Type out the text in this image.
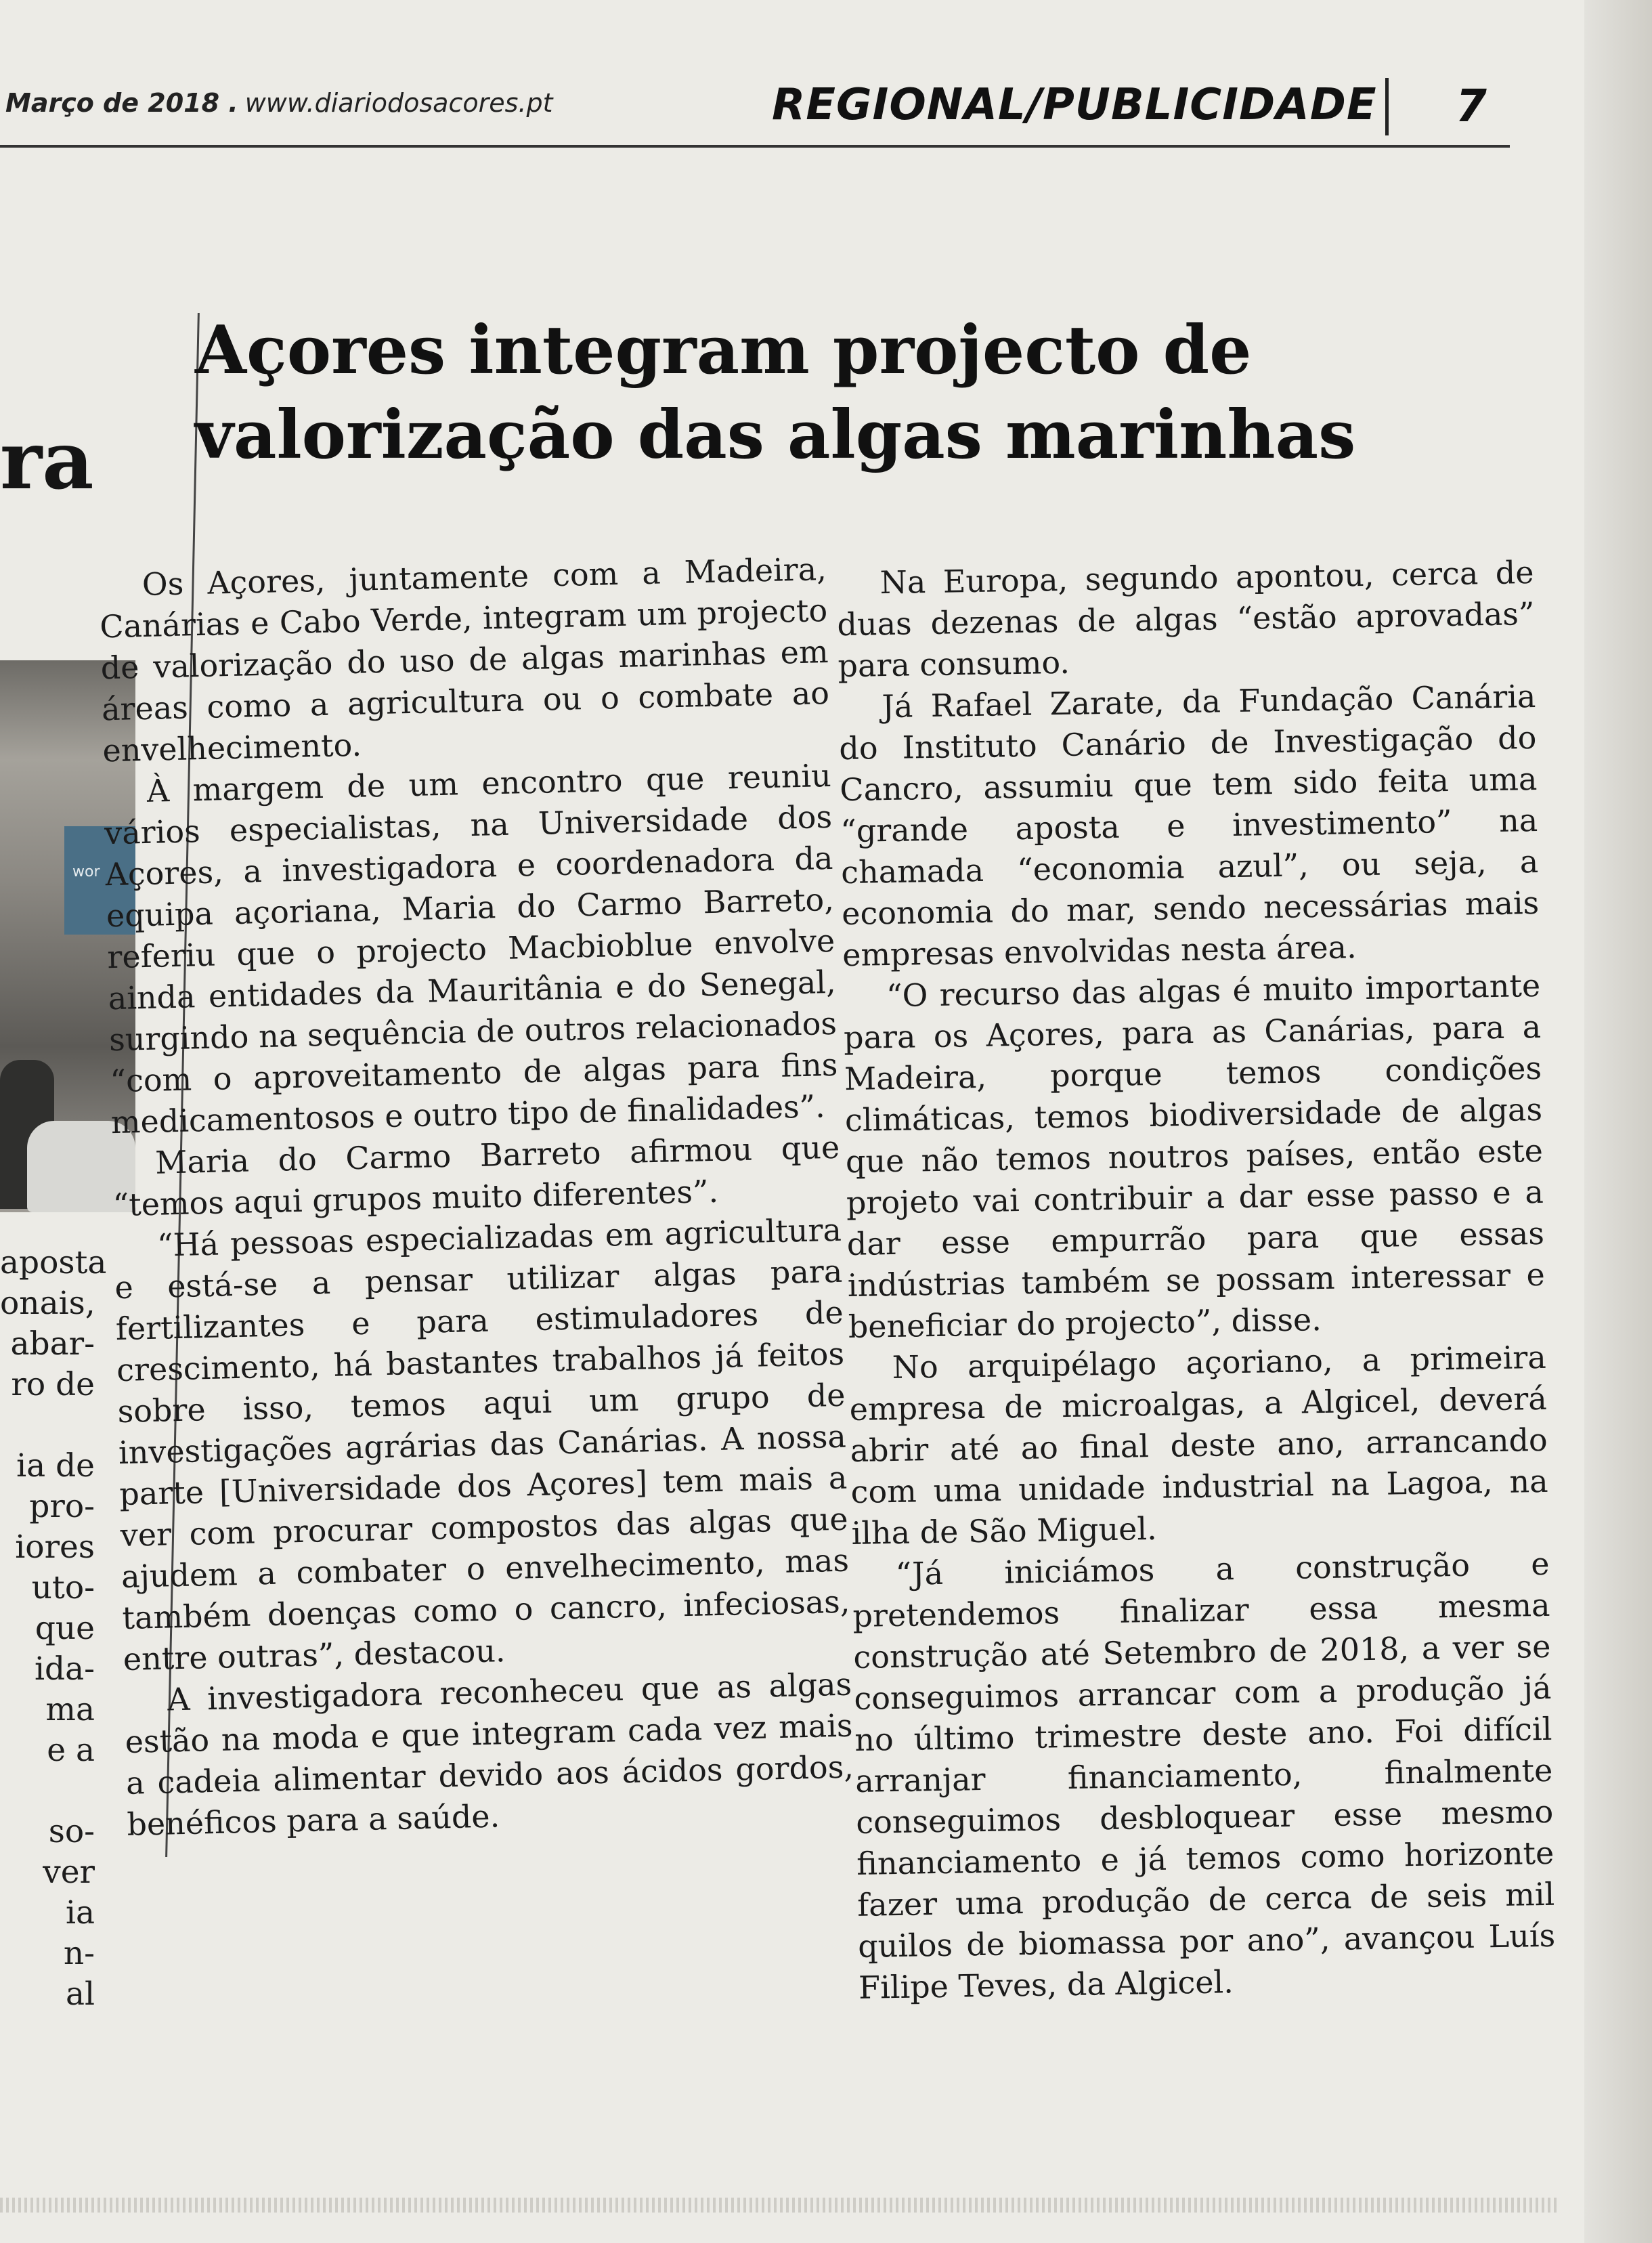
Março de 2018 . www.diariodosacores.pt	REGIONAL/PUBLICIDADE 7
ra
wor
aposta
onais,
abar-
ro de
ia de
pro-
iores
uto-
que
ida-
ma
e a
so-
ver
ia
n-
al
Açores integram projecto de
valorização das algas marinhas

Os Açores, juntamente com a Madeira, Canárias e Cabo Verde, integram um projecto de valorização do uso de algas marinhas em áreas como a agricultura ou o combate ao envelhecimento.

À margem de um encontro que reuniu vários especialistas, na Universidade dos Açores, a investigadora e coordenadora da equipa açoriana, Maria do Carmo Barreto, referiu que o projecto Macbioblue envolve ainda entidades da Mauritânia e do Senegal, surgindo na sequência de outros relacionados “com o aproveitamento de algas para fins medicamentosos e outro tipo de finalidades”.

Maria do Carmo Barreto afirmou que “temos aqui grupos muito diferentes”.

“Há pessoas especializadas em agricultura e está-se a pensar utilizar algas para fertilizantes e para estimuladores de crescimento, há bastantes trabalhos já feitos sobre isso, temos aqui um grupo de investigações agrárias das Canárias. A nossa parte [Universidade dos Açores] tem mais a ver com procurar compostos das algas que ajudem a combater o envelhecimento, mas também doenças como o cancro, infeciosas, entre outras”, destacou.

A investigadora reconheceu que as algas estão na moda e que integram cada vez mais a cadeia alimentar devido aos ácidos gordos, benéficos para a saúde.

Na Europa, segundo apontou, cerca de duas dezenas de algas “estão aprovadas” para consumo.

Já Rafael Zarate, da Fundação Canária do Instituto Canário de Investigação do Cancro, assumiu que tem sido feita uma “grande aposta e investimento” na chamada “economia azul”, ou seja, a economia do mar, sendo necessárias mais empresas envolvidas nesta área.

“O recurso das algas é muito importante para os Açores, para as Canárias, para a Madeira, porque temos condições climáticas, temos biodiversidade de algas que não temos noutros países, então este projeto vai contribuir a dar esse passo e a dar esse empurrão para que essas indústrias também se possam interessar e beneficiar do projecto”, disse.

No arquipélago açoriano, a primeira empresa de microalgas, a Algicel, deverá abrir até ao final deste ano, arrancando com uma unidade industrial na Lagoa, na ilha de São Miguel.

“Já iniciámos a construção e pretendemos finalizar essa mesma construção até Setembro de 2018, a ver se conseguimos arrancar com a produção já no último trimestre deste ano. Foi difícil arranjar financiamento, finalmente conseguimos desbloquear esse mesmo financiamento e já temos como horizonte fazer uma produção de cerca de seis mil quilos de biomassa por ano”, avançou Luís Filipe Teves, da Algicel.
